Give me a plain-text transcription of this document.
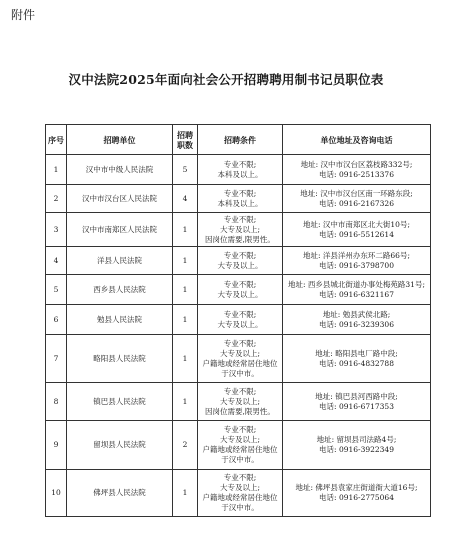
附件
汉中法院2025年面向社会公开招聘聘用制书记员职位表
序号	招聘单位	招聘职数	招聘条件	单位地址及咨询电话
1	汉中市中级人民法院	5	专业不限;
本科及以上。	地址: 汉中市汉台区荔枝路332号;
电话: 0916-2513376
2	汉中市汉台区人民法院	4	专业不限;
本科及以上。	地址: 汉中市汉台区南一环路东段;
电话: 0916-2167326
3	汉中市南郑区人民法院	1	专业不限;
大专及以上;
因岗位需要,限男性。	地址: 汉中市南郑区北大街10号;
电话: 0916-5512614
4	洋县人民法院	1	专业不限;
大专及以上。	地址: 洋县洋州办东环二路66号;
电话: 0916-3798700
5	西乡县人民法院	1	专业不限;
大专及以上。	地址: 西乡县城北街道办事处梅苑路31号;
电话: 0916-6321167
6	勉县人民法院	1	专业不限;
大专及以上。	地址: 勉县武侯北路;
电话: 0916-3239306
7	略阳县人民法院	1	专业不限;
大专及以上;
户籍地或经常居住地位于汉中市。	地址: 略阳县电厂路中段;
电话: 0916-4832788
8	镇巴县人民法院	1	专业不限;
大专及以上;
因岗位需要,限男性。	地址: 镇巴县河西路中段;
电话: 0916-6717353
9	留坝县人民法院	2	专业不限;
大专及以上;
户籍地或经常居住地位于汉中市。	地址: 留坝县司法路4号;
电话: 0916-3922349
10	佛坪县人民法院	1	专业不限;
大专及以上;
户籍地或经常居住地位于汉中市。	地址: 佛坪县袁家庄街道衙大道16号;
电话: 0916-2775064
